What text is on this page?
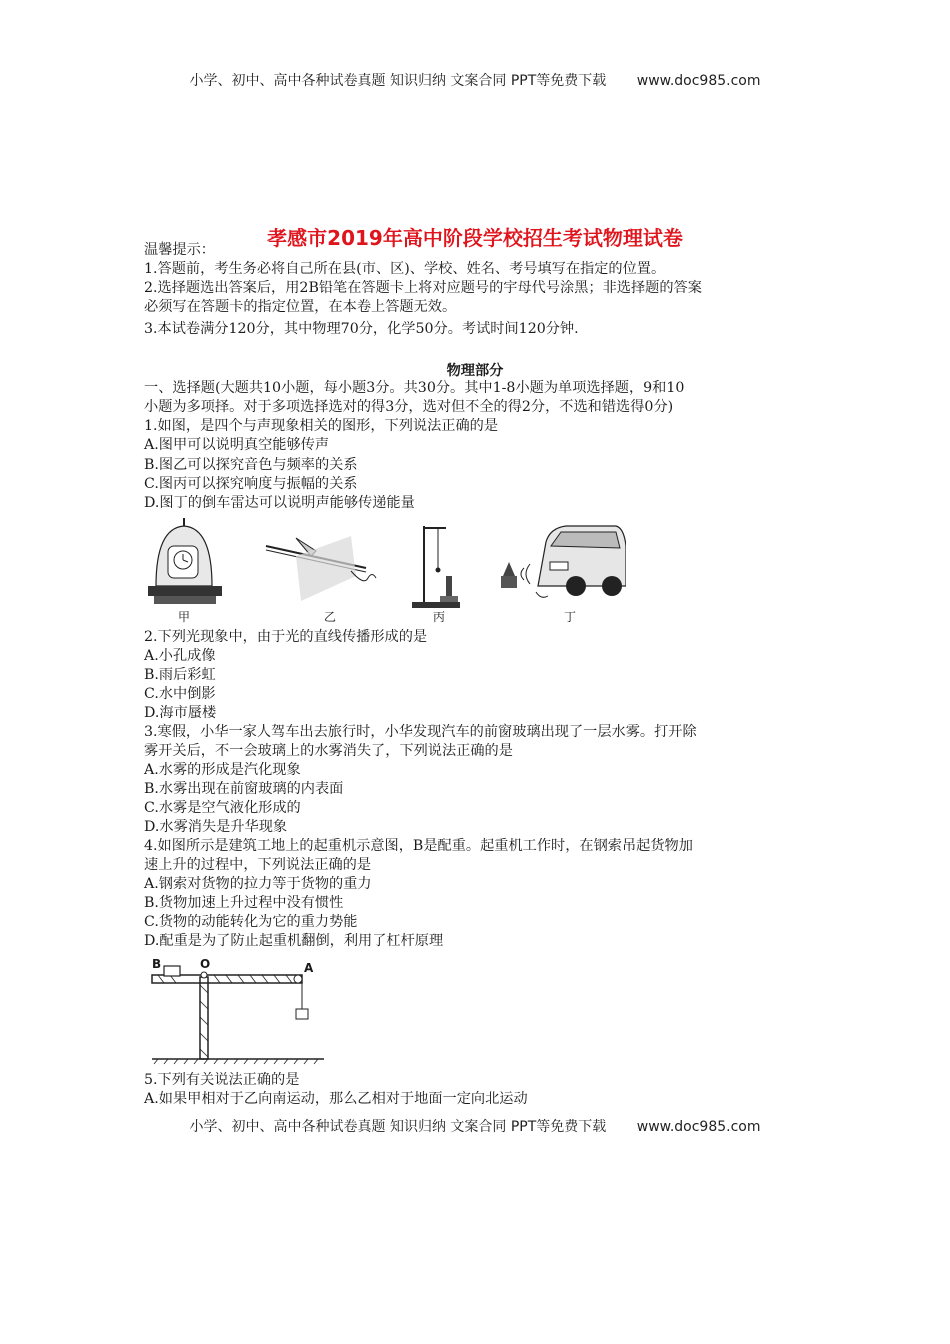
小学、初中、高中各种试卷真题 知识归纳 文案合同 PPT等免费下载 www.doc985.com
孝感市2019年高中阶段学校招生考试物理试卷
温馨提示：
1.答题前，考生务必将自己所在县(市、区)、学校、姓名、考号填写在指定的位置。
2.选择题选出答案后，用2B铅笔在答题卡上将对应题号的宇母代号涂黑；非选择题的答案
必须写在答题卡的指定位置，在本卷上答题无效。
3.本试卷满分120分，其中物理70分，化学50分。考试时间120分钟.
物理部分
一、选择题(大题共10小题，每小题3分。共30分。其中1-8小题为单项选择题，9和10
小题为多项择。对于多项选择选对的得3分，选对但不全的得2分，不选和错选得0分)
1.如图，是四个与声现象相关的图形，下列说法正确的是
A.图甲可以说明真空能够传声
B.图乙可以探究音色与频率的关系
C.图丙可以探究响度与振幅的关系
D.图丁的倒车雷达可以说明声能够传递能量
甲	乙	丙	丁
2.下列光现象中，由于光的直线传播形成的是
A.小孔成像
B.雨后彩虹
C.水中倒影
D.海市蜃楼
3.寒假，小华一家人驾车出去旅行时，小华发现汽车的前窗玻璃出现了一层水雾。打开除
雾开关后，不一会玻璃上的水雾消失了，下列说法正确的是
A.水雾的形成是汽化现象
B.水雾出现在前窗玻璃的内表面
C.水雾是空气液化形成的
D.水雾消失是升华现象
4.如图所示是建筑工地上的起重机示意图，B是配重。起重机工作时，在钢索吊起货物加
速上升的过程中，下列说法正确的是
A.钢索对货物的拉力等于货物的重力
B.货物加速上升过程中没有惯性
C.货物的动能转化为它的重力势能
D.配重是为了防止起重机翻倒，利用了杠杆原理
B	O	A
5.下列有关说法正确的是
A.如果甲相对于乙向南运动，那么乙相对于地面一定向北运动
小学、初中、高中各种试卷真题 知识归纳 文案合同 PPT等免费下载 www.doc985.com
